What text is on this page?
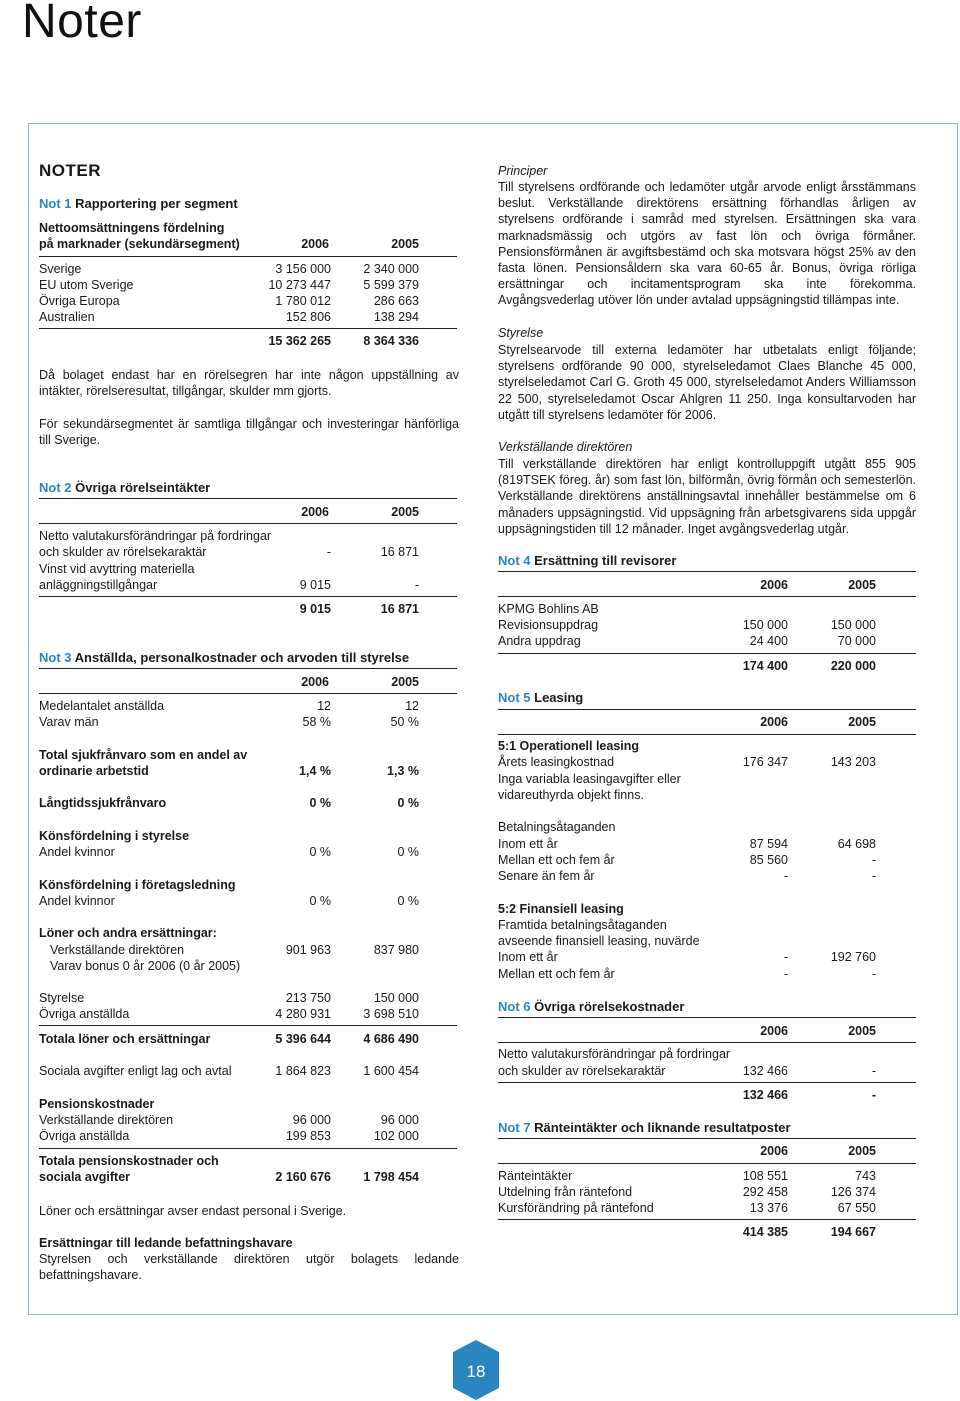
Noter
NOTER
Not 1 Rapportering per segment
Nettoomsättningens fördelning
på marknader (sekundärsegment)	2006	2005
Sverige	3 156 000	2 340 000
EU utom Sverige	10 273 447	5 599 379
Övriga Europa	1 780 012	286 663
Australien	152 806	138 294
15 362 265	8 364 336
Då bolaget endast har en rörelsegren har inte någon uppställning av intäkter, rörelseresultat, tillgångar, skulder mm gjorts.
För sekundärsegmentet är samtliga tillgångar och investeringar hänförliga till Sverige.
Not 2 Övriga rörelseintäkter
2006	2005
Netto valutakursförändringar på fordringar
och skulder av rörelsekaraktär	-	16 871
Vinst vid avyttring materiella
anläggningstillgångar	9 015	-
9 015	16 871
Not 3 Anställda, personalkostnader och arvoden till styrelse
2006	2005
Medelantalet anställda	12	12
Varav män	58 %	50 %
Total sjukfrånvaro som en andel av
ordinarie arbetstid	1,4 %	1,3 %
Långtidssjukfrånvaro	0 %	0 %
Könsfördelning i styrelse
Andel kvinnor	0 %	0 %
Könsfördelning i företagsledning
Andel kvinnor	0 %	0 %
Löner och andra ersättningar:
Verkställande direktören	901 963	837 980
Varav bonus 0 år 2006 (0 år 2005)
Styrelse	213 750	150 000
Övriga anställda	4 280 931	3 698 510
Totala löner och ersättningar	5 396 644	4 686 490
Sociala avgifter enligt lag och avtal	1 864 823	1 600 454
Pensionskostnader
Verkställande direktören	96 000	96 000
Övriga anställda	199 853	102 000
Totala pensionskostnader och
sociala avgifter	2 160 676	1 798 454
Löner och ersättningar avser endast personal i Sverige.
Ersättningar till ledande befattningshavare
Styrelsen och verkställande direktören utgör bolagets ledande befattningshavare.
Principer
Till styrelsens ordförande och ledamöter utgår arvode enligt årsstämmans beslut. Verkställande direktörens ersättning förhandlas årligen av styrelsens ordförande i samråd med styrelsen. Ersättningen ska vara marknadsmässig och utgörs av fast lön och övriga förmåner. Pensionsförmånen är avgiftsbestämd och ska motsvara högst 25% av den fasta lönen. Pensionsåldern ska vara 60-65 år. Bonus, övriga rörliga ersättningar och incitamentsprogram ska inte förekomma. Avgångsvederlag utöver lön under avtalad uppsägningstid tillämpas inte.
Styrelse
Styrelsearvode till externa ledamöter har utbetalats enligt följande; styrelsens ordförande 90 000, styrelseledamot Claes Blanche 45 000, styrelseledamot Carl G. Groth 45 000, styrelseledamot Anders Williamsson 22 500, styrelseledamot Oscar Ahlgren 11 250. Inga konsultarvoden har utgått till styrelsens ledamöter för 2006.
Verkställande direktören
Till verkställande direktören har enligt kontrolluppgift utgått 855 905 (819TSEK föreg. år) som fast lön, bilförmån, övrig förmån och semesterlön. Verkställande direktörens anställningsavtal innehåller bestämmelse om 6 månaders uppsägningstid. Vid uppsägning från arbetsgivarens sida uppgår uppsägningstiden till 12 månader. Inget avgångsvederlag utgår.
Not 4 Ersättning till revisorer
2006	2005
KPMG Bohlins AB
Revisionsuppdrag	150 000	150 000
Andra uppdrag	24 400	70 000
174 400	220 000
Not 5 Leasing
2006	2005
5:1 Operationell leasing
Årets leasingkostnad	176 347	143 203
Inga variabla leasingavgifter eller
vidareuthyrda objekt finns.
Betalningsåtaganden
Inom ett år	87 594	64 698
Mellan ett och fem år	85 560	-
Senare än fem år	-	-
5:2 Finansiell leasing
Framtida betalningsåtaganden
avseende finansiell leasing, nuvärde
Inom ett år	-	192 760
Mellan ett och fem år	-	-
Not 6 Övriga rörelsekostnader
2006	2005
Netto valutakursförändringar på fordringar
och skulder av rörelsekaraktär	132 466	-
132 466	-
Not 7 Ränteintäkter och liknande resultatposter
2006	2005
Ränteintäkter	108 551	743
Utdelning från räntefond	292 458	126 374
Kursförändring på räntefond	13 376	67 550
414 385	194 667
18
